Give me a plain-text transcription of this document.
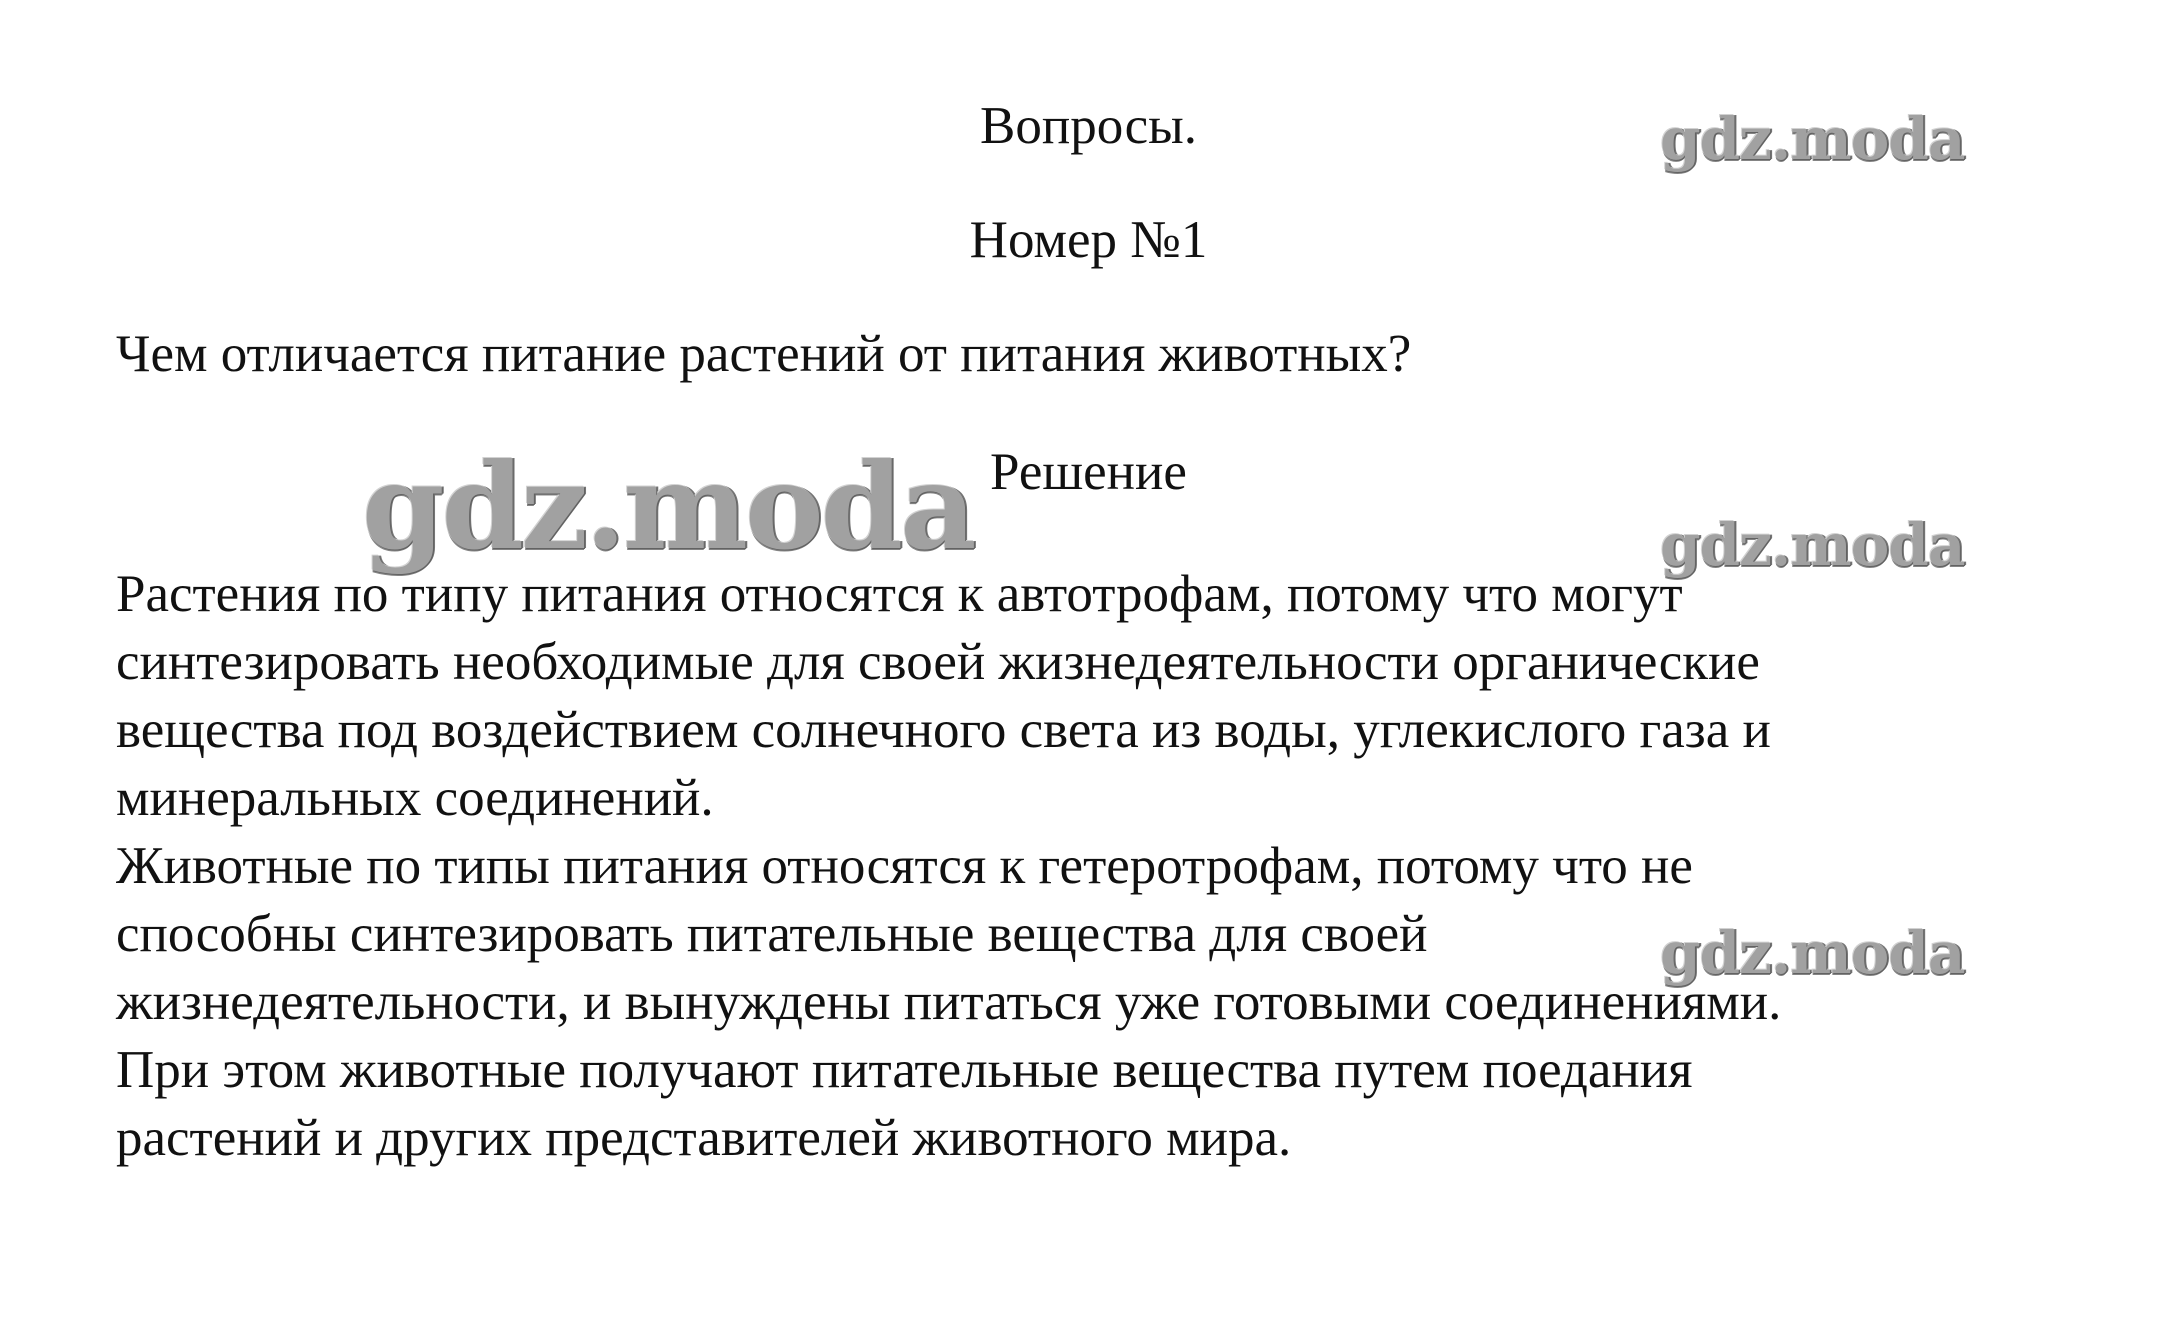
Вопросы.
Номер №1
Чем отличается питание растений от питания животных?
Решение
Растения по типу питания относятся к автотрофам, потому что могут
синтезировать необходимые для своей жизнедеятельности органические
вещества под воздействием солнечного света из воды, углекислого газа и
минеральных соединений.
Животные по типы питания относятся к гетеротрофам, потому что не
способны синтезировать питательные вещества для своей
жизнедеятельности, и вынуждены питаться уже готовыми соединениями.
При этом животные получают питательные вещества путем поедания
растений и других представителей животного мира.
gdz.moda
gdz.moda	gdz.moda
gdz.moda
